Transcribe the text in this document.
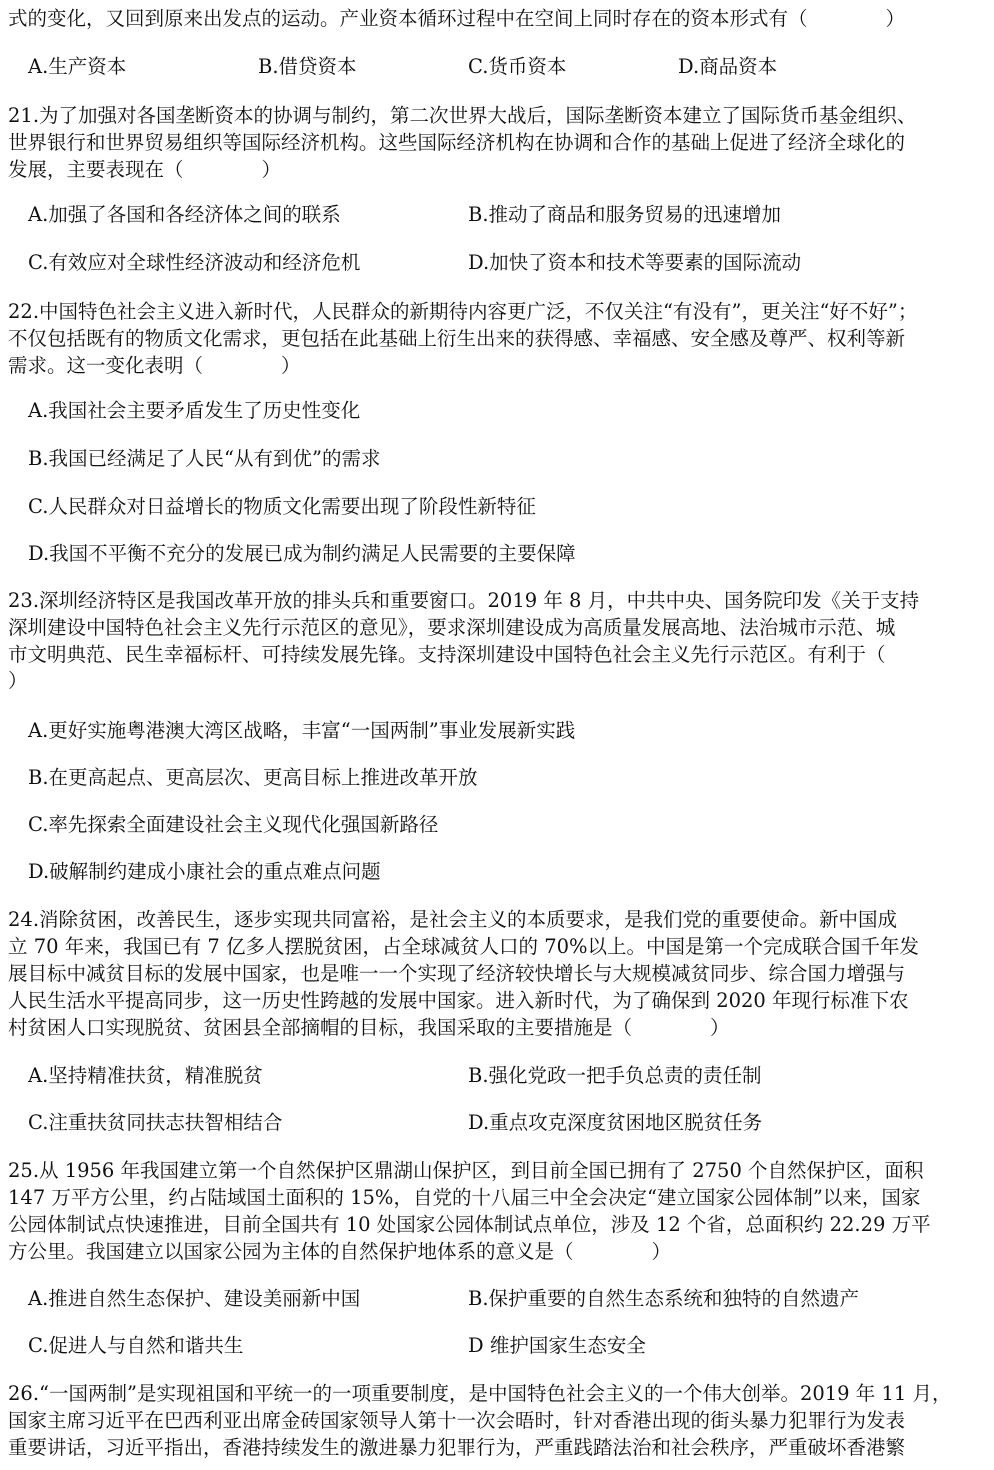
式的变化，又回到原来出发点的运动。产业资本循环过程中在空间上同时存在的资本形式有（　　　　）
A.生产资本	B.借贷资本	C.货币资本	D.商品资本
21.为了加强对各国垄断资本的协调与制约，第二次世界大战后，国际垄断资本建立了国际货币基金组织、
世界银行和世界贸易组织等国际经济机构。这些国际经济机构在协调和合作的基础上促进了经济全球化的
发展，主要表现在（　　　　）
A.加强了各国和各经济体之间的联系	B.推动了商品和服务贸易的迅速增加
C.有效应对全球性经济波动和经济危机	D.加快了资本和技术等要素的国际流动
22.中国特色社会主义进入新时代，人民群众的新期待内容更广泛，不仅关注“有没有”，更关注“好不好”；
不仅包括既有的物质文化需求，更包括在此基础上衍生出来的获得感、幸福感、安全感及尊严、权利等新
需求。这一变化表明（　　　　）
A.我国社会主要矛盾发生了历史性变化
B.我国已经满足了人民“从有到优”的需求
C.人民群众对日益增长的物质文化需要出现了阶段性新特征
D.我国不平衡不充分的发展已成为制约满足人民需要的主要保障
23.深圳经济特区是我国改革开放的排头兵和重要窗口。2019 年 8 月，中共中央、国务院印发《关于支持
深圳建设中国特色社会主义先行示范区的意见》，要求深圳建设成为高质量发展高地、法治城市示范、城
市文明典范、民生幸福标杆、可持续发展先锋。支持深圳建设中国特色社会主义先行示范区。有利于（
）
A.更好实施粤港澳大湾区战略，丰富“一国两制”事业发展新实践
B.在更高起点、更高层次、更高目标上推进改革开放
C.率先探索全面建设社会主义现代化强国新路径
D.破解制约建成小康社会的重点难点问题
24.消除贫困，改善民生，逐步实现共同富裕，是社会主义的本质要求，是我们党的重要使命。新中国成
立 70 年来，我国已有 7 亿多人摆脱贫困，占全球减贫人口的 70%以上。中国是第一个完成联合国千年发
展目标中减贫目标的发展中国家，也是唯一一个实现了经济较快增长与大规模减贫同步、综合国力增强与
人民生活水平提高同步，这一历史性跨越的发展中国家。进入新时代，为了确保到 2020 年现行标准下农
村贫困人口实现脱贫、贫困县全部摘帽的目标，我国采取的主要措施是（　　　　）
A.坚持精准扶贫，精准脱贫	B.强化党政一把手负总责的责任制
C.注重扶贫同扶志扶智相结合	D.重点攻克深度贫困地区脱贫任务
25.从 1956 年我国建立第一个自然保护区鼎湖山保护区，到目前全国已拥有了 2750 个自然保护区，面积
147 万平方公里，约占陆域国土面积的 15%，自党的十八届三中全会决定“建立国家公园体制”以来，国家
公园体制试点快速推进，目前全国共有 10 处国家公园体制试点单位，涉及 12 个省，总面积约 22.29 万平
方公里。我国建立以国家公园为主体的自然保护地体系的意义是（　　　　）
A.推进自然生态保护、建设美丽新中国	B.保护重要的自然生态系统和独特的自然遗产
C.促进人与自然和谐共生	D 维护国家生态安全
26.“一国两制”是实现祖国和平统一的一项重要制度，是中国特色社会主义的一个伟大创举。2019 年 11 月，
国家主席习近平在巴西利亚出席金砖国家领导人第十一次会晤时，针对香港出现的街头暴力犯罪行为发表
重要讲话，习近平指出，香港持续发生的激进暴力犯罪行为，严重践踏法治和社会秩序，严重破坏香港繁
